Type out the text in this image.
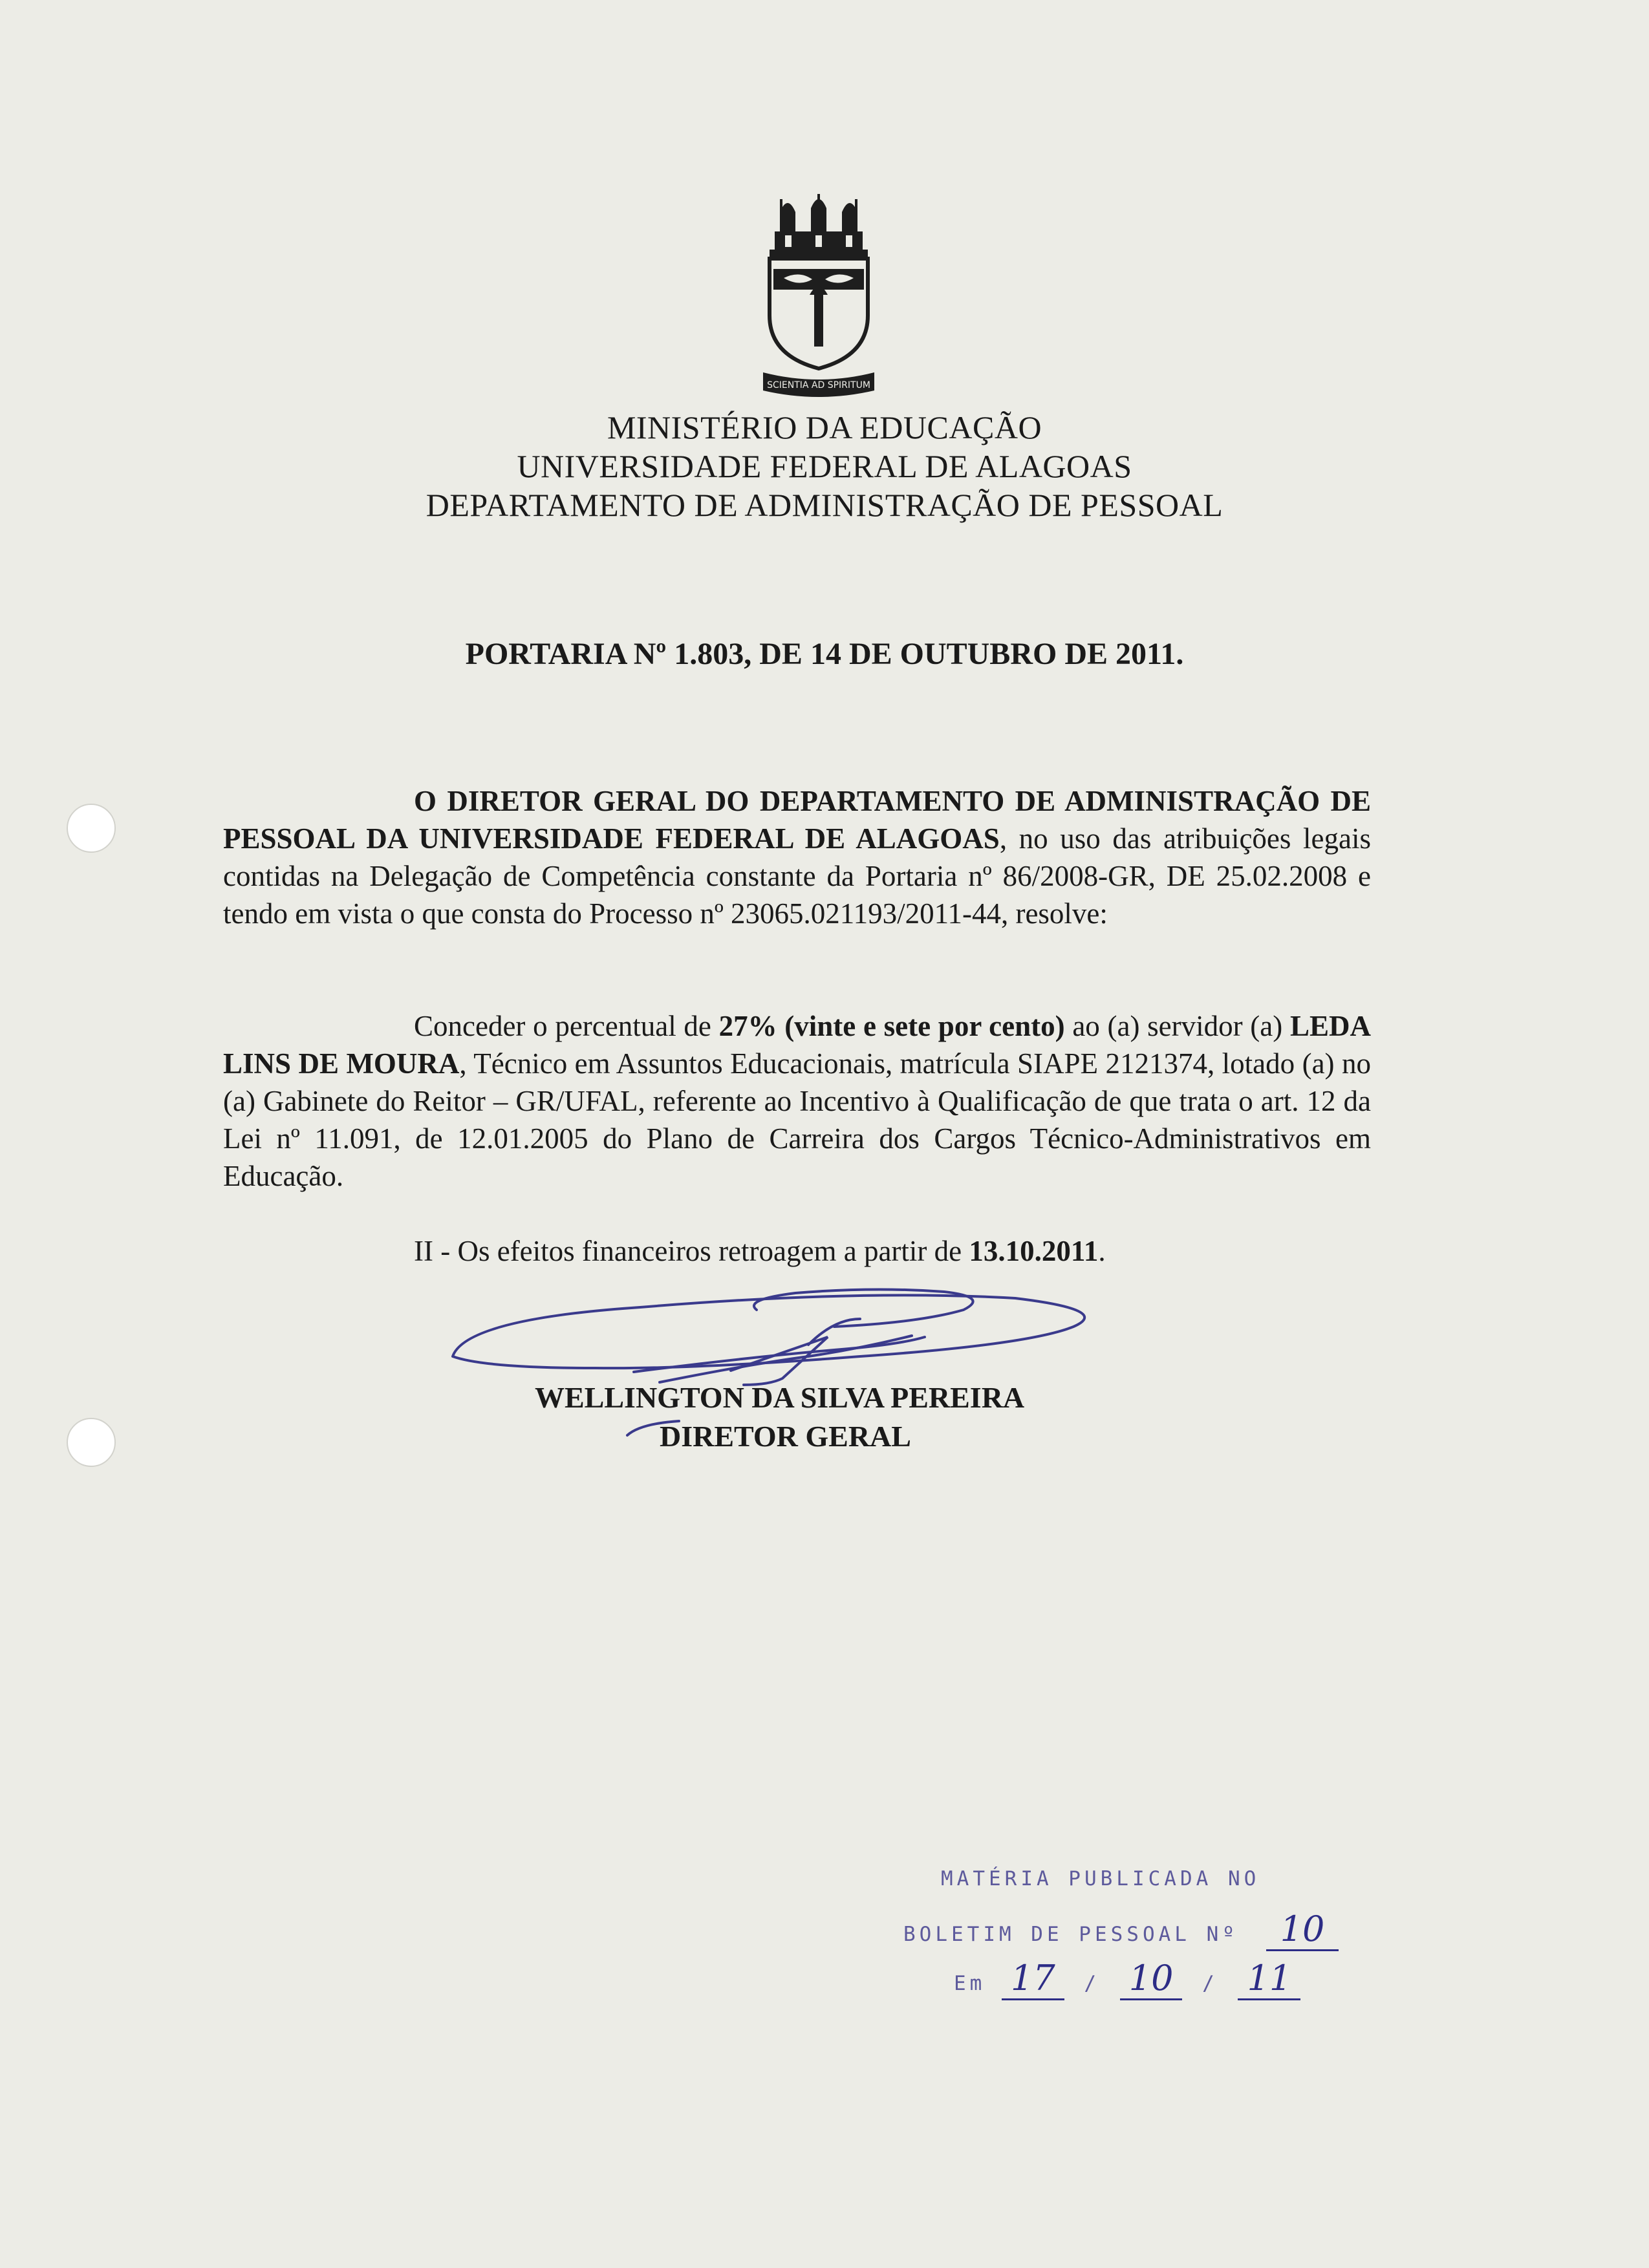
SCIENTIA AD SPIRITUM
MINISTÉRIO DA EDUCAÇÃO
UNIVERSIDADE FEDERAL DE ALAGOAS
DEPARTAMENTO DE ADMINISTRAÇÃO DE PESSOAL
PORTARIA Nº 1.803, DE 14 DE OUTUBRO DE 2011.
O DIRETOR GERAL DO DEPARTAMENTO DE ADMINISTRAÇÃO DE PESSOAL DA UNIVERSIDADE FEDERAL DE ALAGOAS, no uso das atribuições legais contidas na Delegação de Competência constante da Portaria nº 86/2008-GR, DE 25.02.2008 e tendo em vista o que consta do Processo nº 23065.021193/2011-44, resolve:
Conceder o percentual de 27% (vinte e sete por cento) ao (a) servidor (a) LEDA LINS DE MOURA, Técnico em Assuntos Educacionais, matrícula SIAPE 2121374, lotado (a) no (a) Gabinete do Reitor – GR/UFAL, referente ao Incentivo à Qualificação de que trata o art. 12 da Lei nº 11.091, de 12.01.2005 do Plano de Carreira dos Cargos Técnico-Administrativos em Educação.
II - Os efeitos financeiros retroagem a partir de 13.10.2011.
WELLINGTON DA SILVA PEREIRA
DIRETOR GERAL
MATÉRIA PUBLICADA NO
BOLETIM DE PESSOAL Nº 10
Em 17 / 10 / 11
